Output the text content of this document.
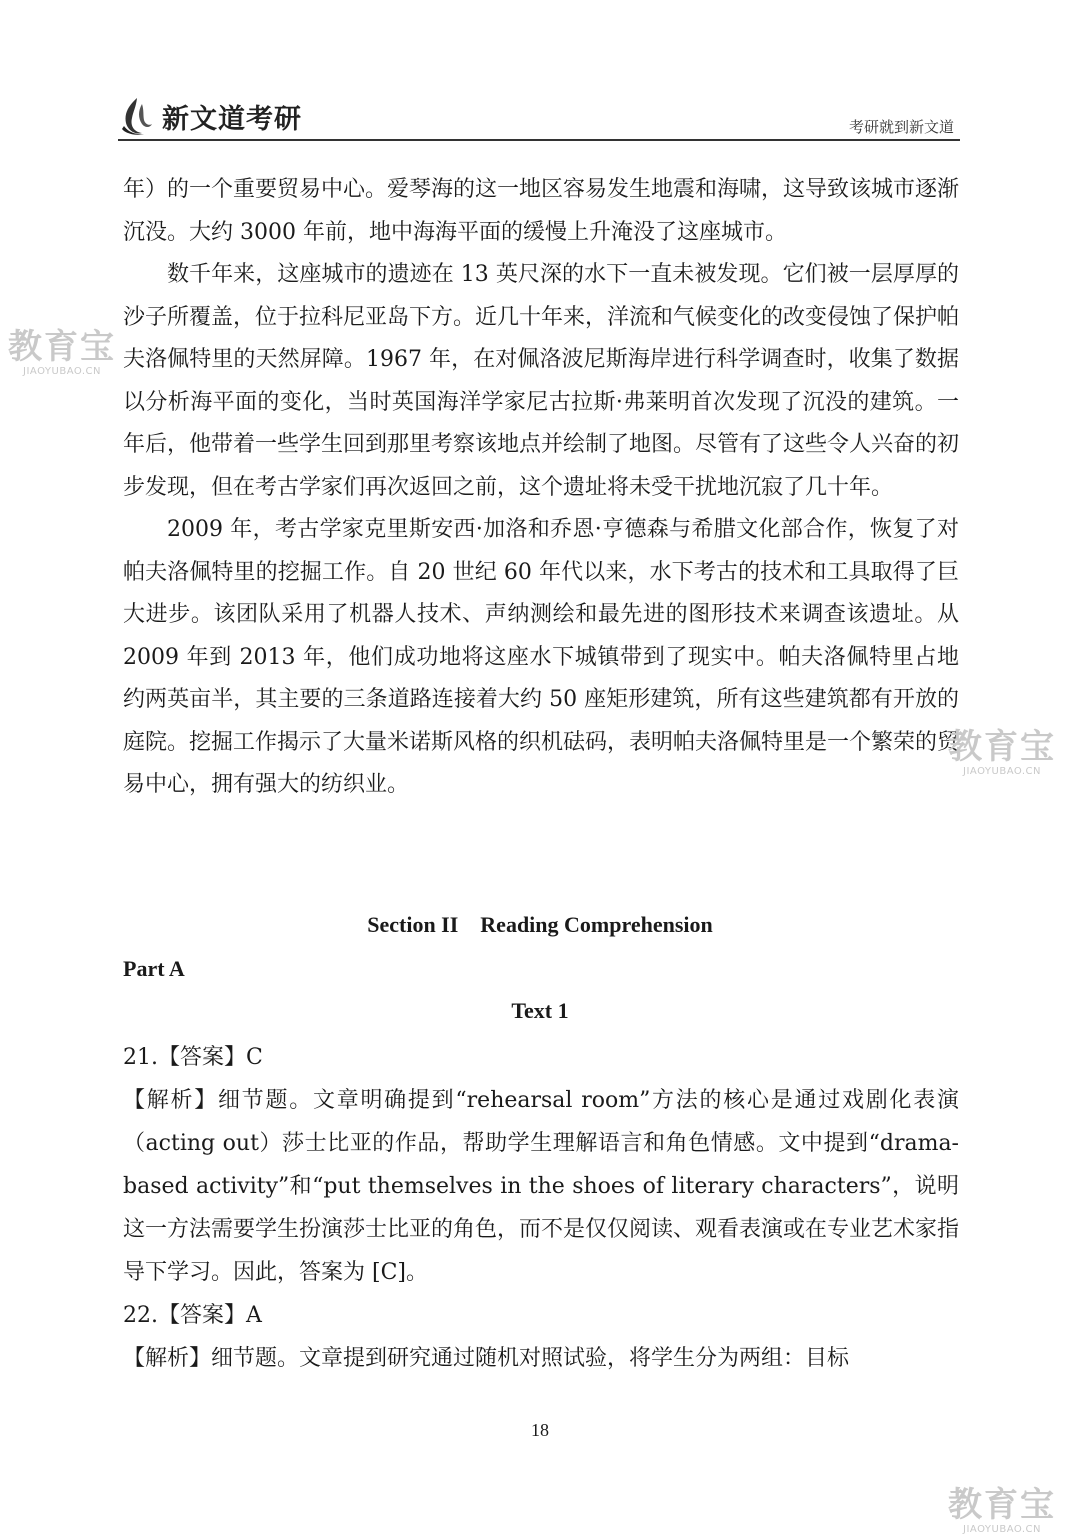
新文道考研	考研就到新文道

年）的一个重要贸易中心。爱琴海的这一地区容易发生地震和海啸，这导致该城市逐渐沉没。大约 3000 年前，地中海海平面的缓慢上升淹没了这座城市。

数千年来，这座城市的遗迹在 13 英尺深的水下一直未被发现。它们被一层厚厚的沙子所覆盖，位于拉科尼亚岛下方。近几十年来，洋流和气候变化的改变侵蚀了保护帕夫洛佩特里的天然屏障。1967 年，在对佩洛波尼斯海岸进行科学调查时，收集了数据以分析海平面的变化，当时英国海洋学家尼古拉斯·弗莱明首次发现了沉没的建筑。一年后，他带着一些学生回到那里考察该地点并绘制了地图。尽管有了这些令人兴奋的初步发现，但在考古学家们再次返回之前，这个遗址将未受干扰地沉寂了几十年。

2009 年，考古学家克里斯安西·加洛和乔恩·亨德森与希腊文化部合作，恢复了对帕夫洛佩特里的挖掘工作。自 20 世纪 60 年代以来，水下考古的技术和工具取得了巨大进步。该团队采用了机器人技术、声纳测绘和最先进的图形技术来调查该遗址。从 2009 年到 2013 年，他们成功地将这座水下城镇带到了现实中。帕夫洛佩特里占地约两英亩半，其主要的三条道路连接着大约 50 座矩形建筑，所有这些建筑都有开放的庭院。挖掘工作揭示了大量米诺斯风格的织机砝码，表明帕夫洛佩特里是一个繁荣的贸易中心，拥有强大的纺织业。

Section II    Reading Comprehension
Part A
Text 1

21.【答案】C

【解析】细节题。文章明确提到“rehearsal room”方法的核心是通过戏剧化表演（acting out）莎士比亚的作品，帮助学生理解语言和角色情感。文中提到“drama-based activity”和“put themselves in the shoes of literary characters”，说明这一方法需要学生扮演莎士比亚的角色，而不是仅仅阅读、观看表演或在专业艺术家指导下学习。因此，答案为 [C]。

22.【答案】A

【解析】细节题。文章提到研究通过随机对照试验，将学生分为两组：目标

18
教育宝
JIAOYUBAO.CN
教育宝
JIAOYUBAO.CN
教育宝
JIAOYUBAO.CN
